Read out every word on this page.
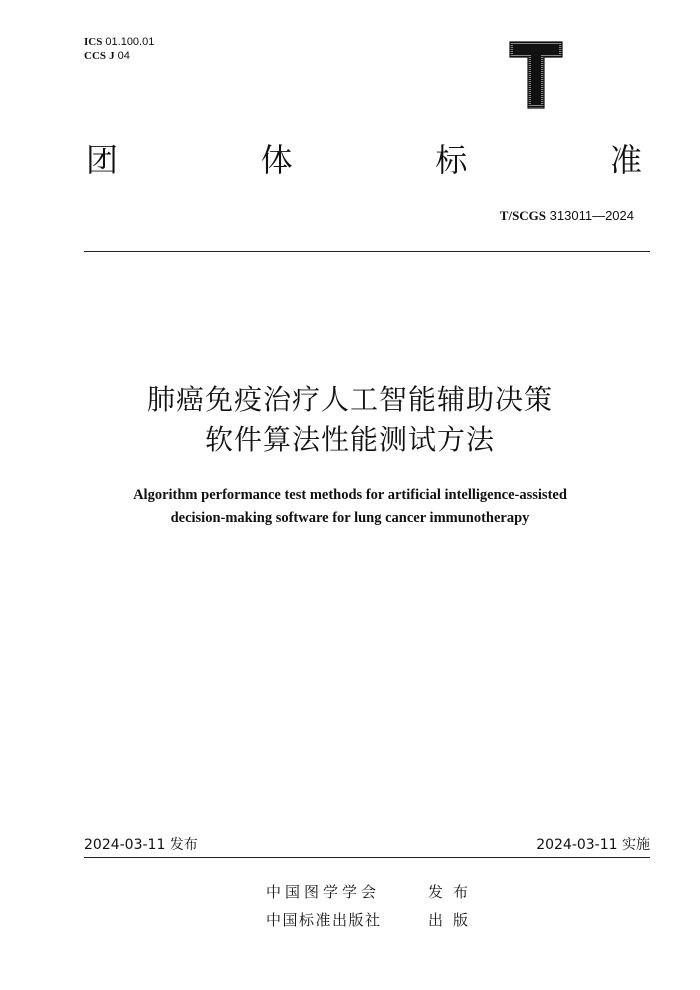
ICS 01.100.01
CCS J 04
团	体	标	准
T/SCGS 313011—2024
肺癌免疫治疗人工智能辅助决策
软件算法性能测试方法
Algorithm performance test methods for artificial intelligence-assisted
decision-making software for lung cancer immunotherapy
2024-03-11 发布	2024-03-11 实施
中国图学学会	发布
中国标准出版社	出版
